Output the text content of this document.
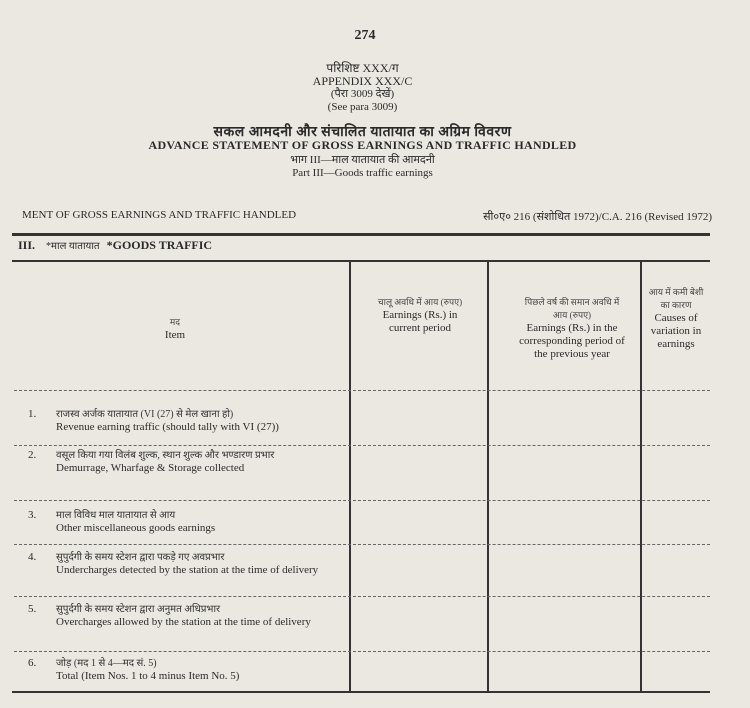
274
परिशिष्ट XXX/ग
APPENDIX XXX/C
(पैरा 3009 देखें)
(See para 3009)
सकल आमदनी और संचालित यातायात का अग्रिम विवरण
ADVANCE STATEMENT OF GROSS EARNINGS AND TRAFFIC HANDLED
भाग III—माल यातायात की आमदनी
Part III—Goods traffic earnings
MENT OF GROSS EARNINGS AND TRAFFIC HANDLED	सी०ए० 216 (संशोधित 1972)/C.A. 216 (Revised 1972)
III. *माल यातायात *GOODS TRAFFIC
मद
Item
चालू अवधि में आय (रुपए)
Earnings (Rs.) in current period
पिछले वर्ष की समान अवधि में आय (रुपए)
Earnings (Rs.) in the corresponding period of the previous year
आय में कमी बेशी का कारण
Causes of variation in earnings
1. राजस्व अर्जक यातायात (VI (27) से मेल खाना हो)
Revenue earning traffic (should tally with VI (27))
2. वसूल किया गया विलंब शुल्क, स्थान शुल्क और भण्डारण प्रभार
Demurrage, Wharfage & Storage collected
3. माल विविध माल यातायात से आय
Other miscellaneous goods earnings
4. सुपुर्दगी के समय स्टेशन द्वारा पकड़े गए अवप्रभार
Undercharges detected by the station at the time of delivery
5. सुपुर्दगी के समय स्टेशन द्वारा अनुमत अधिप्रभार
Overcharges allowed by the station at the time of delivery
6. जोड़ (मद 1 से 4—मद सं. 5)
Total (Item Nos. 1 to 4 minus Item No. 5)
